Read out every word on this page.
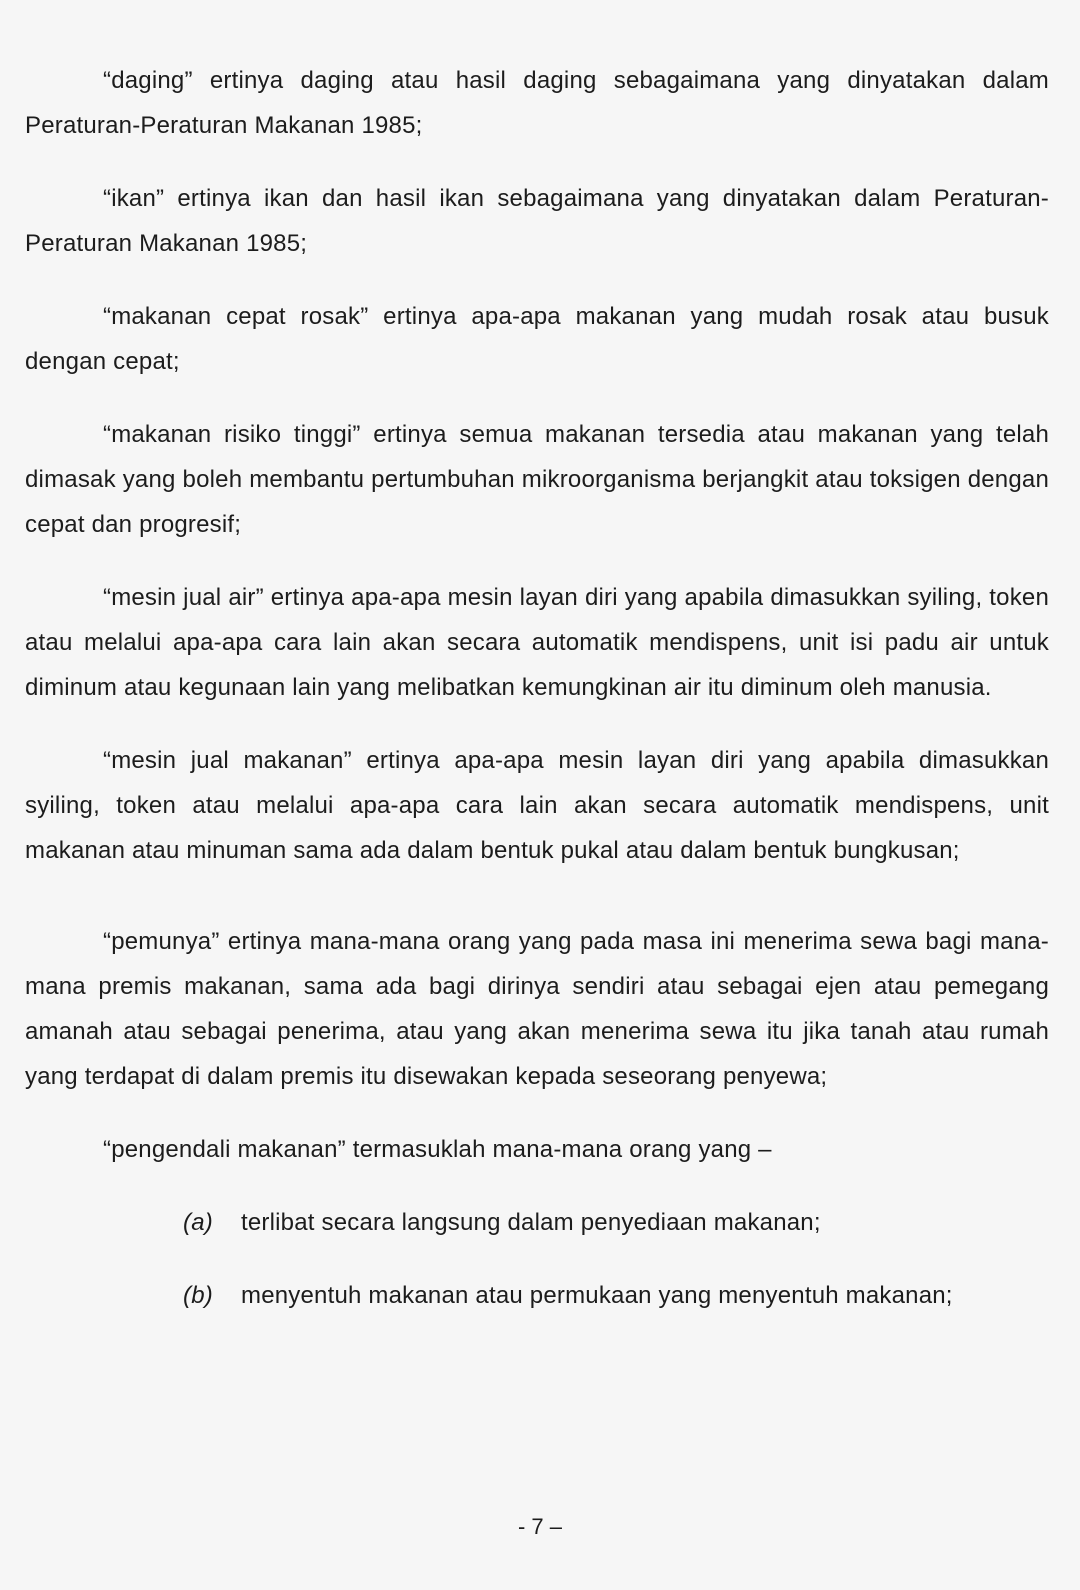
“daging” ertinya daging atau hasil daging sebagaimana yang dinyatakan dalam Peraturan-Peraturan Makanan 1985;

“ikan” ertinya ikan dan hasil ikan sebagaimana yang dinyatakan dalam Peraturan-Peraturan Makanan 1985;

“makanan cepat rosak” ertinya apa-apa makanan yang mudah rosak atau busuk dengan cepat;

“makanan risiko tinggi” ertinya semua makanan tersedia atau makanan yang telah dimasak yang boleh membantu pertumbuhan mikroorganisma berjangkit atau toksigen dengan cepat dan progresif;

“mesin jual air” ertinya apa-apa mesin layan diri yang apabila dimasukkan syiling, token atau melalui apa-apa cara lain akan secara automatik mendispens, unit isi padu air untuk diminum atau kegunaan lain yang melibatkan kemungkinan air itu diminum oleh manusia.

“mesin jual makanan” ertinya apa-apa mesin layan diri yang apabila dimasukkan syiling, token atau melalui apa-apa cara lain akan secara automatik mendispens, unit makanan atau minuman sama ada dalam bentuk pukal atau dalam bentuk bungkusan;

“pemunya” ertinya mana-mana orang yang pada masa ini menerima sewa bagi mana-mana premis makanan, sama ada bagi dirinya sendiri atau sebagai ejen atau pemegang amanah atau sebagai penerima, atau yang akan menerima sewa itu jika tanah atau rumah yang terdapat di dalam premis itu disewakan kepada seseorang penyewa;

“pengendali makanan” termasuklah mana-mana orang yang –

(a) terlibat secara langsung dalam penyediaan makanan;
(b) menyentuh makanan atau permukaan yang menyentuh makanan;
- 7 –
